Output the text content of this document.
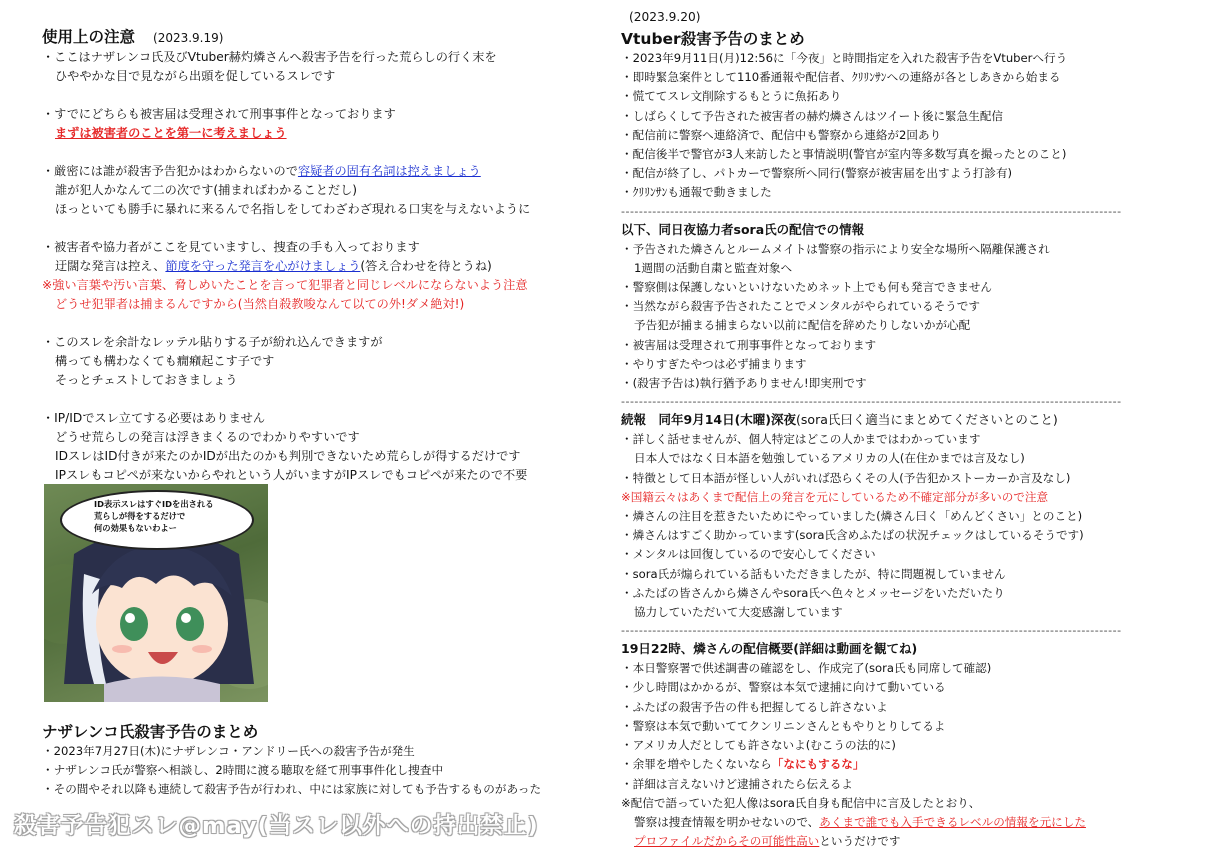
使用上の注意 (2023.9.19)
・ここはナザレンコ氏及びVtuber赫灼燐さんへ殺害予告を行った荒らしの行く末を
ひややかな目で見ながら出頭を促しているスレです
・すでにどちらも被害届は受理されて刑事事件となっております
まずは被害者のことを第一に考えましょう
・厳密には誰が殺害予告犯かはわからないので容疑者の固有名詞は控えましょう
誰が犯人かなんて二の次です(捕まればわかることだし)
ほっといても勝手に暴れに来るんで名指しをしてわざわざ現れる口実を与えないように
・被害者や協力者がここを見ていますし、捜査の手も入っております
迂闊な発言は控え、節度を守った発言を心がけましょう(答え合わせを待とうね)
※強い言葉や汚い言葉、脅しめいたことを言って犯罪者と同じレベルにならないよう注意
どうせ犯罪者は捕まるんですから(当然自殺教唆なんて以ての外!ダメ絶対!)
・このスレを余計なレッテル貼りする子が紛れ込んできますが
構っても構わなくても癇癪起こす子です
そっとチェストしておきましょう
・IP/IDでスレ立てする必要はありません
どうせ荒らしの発言は浮きまくるのでわかりやすいです
IDスレはID付きが来たのかIDが出たのかも判別できないため荒らしが得するだけです
IPスレもコピペが来ないからやれという人がいますがIPスレでもコピペが来たので不要
ID表示スレはすぐIDを出される
荒らしが得をするだけで
何の効果もないわよー
ナザレンコ氏殺害予告のまとめ
・2023年7月27日(木)にナザレンコ・アンドリー氏への殺害予告が発生
・ナザレンコ氏が警察へ相談し、2時間に渡る聴取を経て刑事事件化し捜査中
・その間やそれ以降も連続して殺害予告が行われ、中には家族に対しても予告するものがあった
(2023.9.20)
Vtuber殺害予告のまとめ
・2023年9月11日(月)12:56に「今夜」と時間指定を入れた殺害予告をVtuberへ行う
・即時緊急案件として110番通報や配信者、ｸﾘﾘﾝｻﾝへの連絡が各としあきから始まる
・慌ててスレ文削除するもとうに魚拓あり
・しばらくして予告された被害者の赫灼燐さんはツイート後に緊急生配信
・配信前に警察へ連絡済で、配信中も警察から連絡が2回あり
・配信後半で警官が3人来訪したと事情説明(警官が室内等多数写真を撮ったとのこと)
・配信が終了し、パトカーで警察所へ同行(警察が被害届を出すよう打診有)
・ｸﾘﾘﾝｻﾝも通報で動きました
----------------------------------------------------------------------------------------------------------------
以下、同日夜協力者sora氏の配信での情報
・予告された燐さんとルームメイトは警察の指示により安全な場所へ隔離保護され
1週間の活動自粛と監査対象へ
・警察側は保護しないといけないためネット上でも何も発言できません
・当然ながら殺害予告されたことでメンタルがやられているそうです
予告犯が捕まる捕まらない以前に配信を辞めたりしないかが心配
・被害届は受理されて刑事事件となっております
・やりすぎたやつは必ず捕まります
・(殺害予告は)執行猶予ありません!即実刑です
----------------------------------------------------------------------------------------------------------------
続報　同年9月14日(木曜)深夜(sora氏曰く適当にまとめてくださいとのこと)
・詳しく話せませんが、個人特定はどこの人かまではわかっています
日本人ではなく日本語を勉強しているアメリカの人(在住かまでは言及なし)
・特徴として日本語が怪しい人がいれば恐らくその人(予告犯かストーカーか言及なし)
※国籍云々はあくまで配信上の発言を元にしているため不確定部分が多いので注意
・燐さんの注目を惹きたいためにやっていました(燐さん曰く「めんどくさい」とのこと)
・燐さんはすごく助かっています(sora氏含めふたばの状況チェックはしているそうです)
・メンタルは回復しているので安心してください
・sora氏が煽られている話もいただきましたが、特に問題視していません
・ふたばの皆さんから燐さんやsora氏へ色々とメッセージをいただいたり
協力していただいて大変感謝しています
----------------------------------------------------------------------------------------------------------------
19日22時、燐さんの配信概要(詳細は動画を観てね)
・本日警察署で供述調書の確認をし、作成完了(sora氏も同席して確認)
・少し時間はかかるが、警察は本気で逮捕に向けて動いている
・ふたばの殺害予告の件も把握してるし許さないよ
・警察は本気で動いててクンリニンさんともやりとりしてるよ
・アメリカ人だとしても許さないよ(むこうの法的に)
・余罪を増やしたくないなら「なにもするな」
・詳細は言えないけど逮捕されたら伝えるよ
※配信で語っていた犯人像はsora氏自身も配信中に言及したとおり、
警察は捜査情報を明かせないので、あくまで誰でも入手できるレベルの情報を元にした
プロファイルだからその可能性高いというだけです
殺害予告犯スレ@may(当スレ以外への持出禁止)
